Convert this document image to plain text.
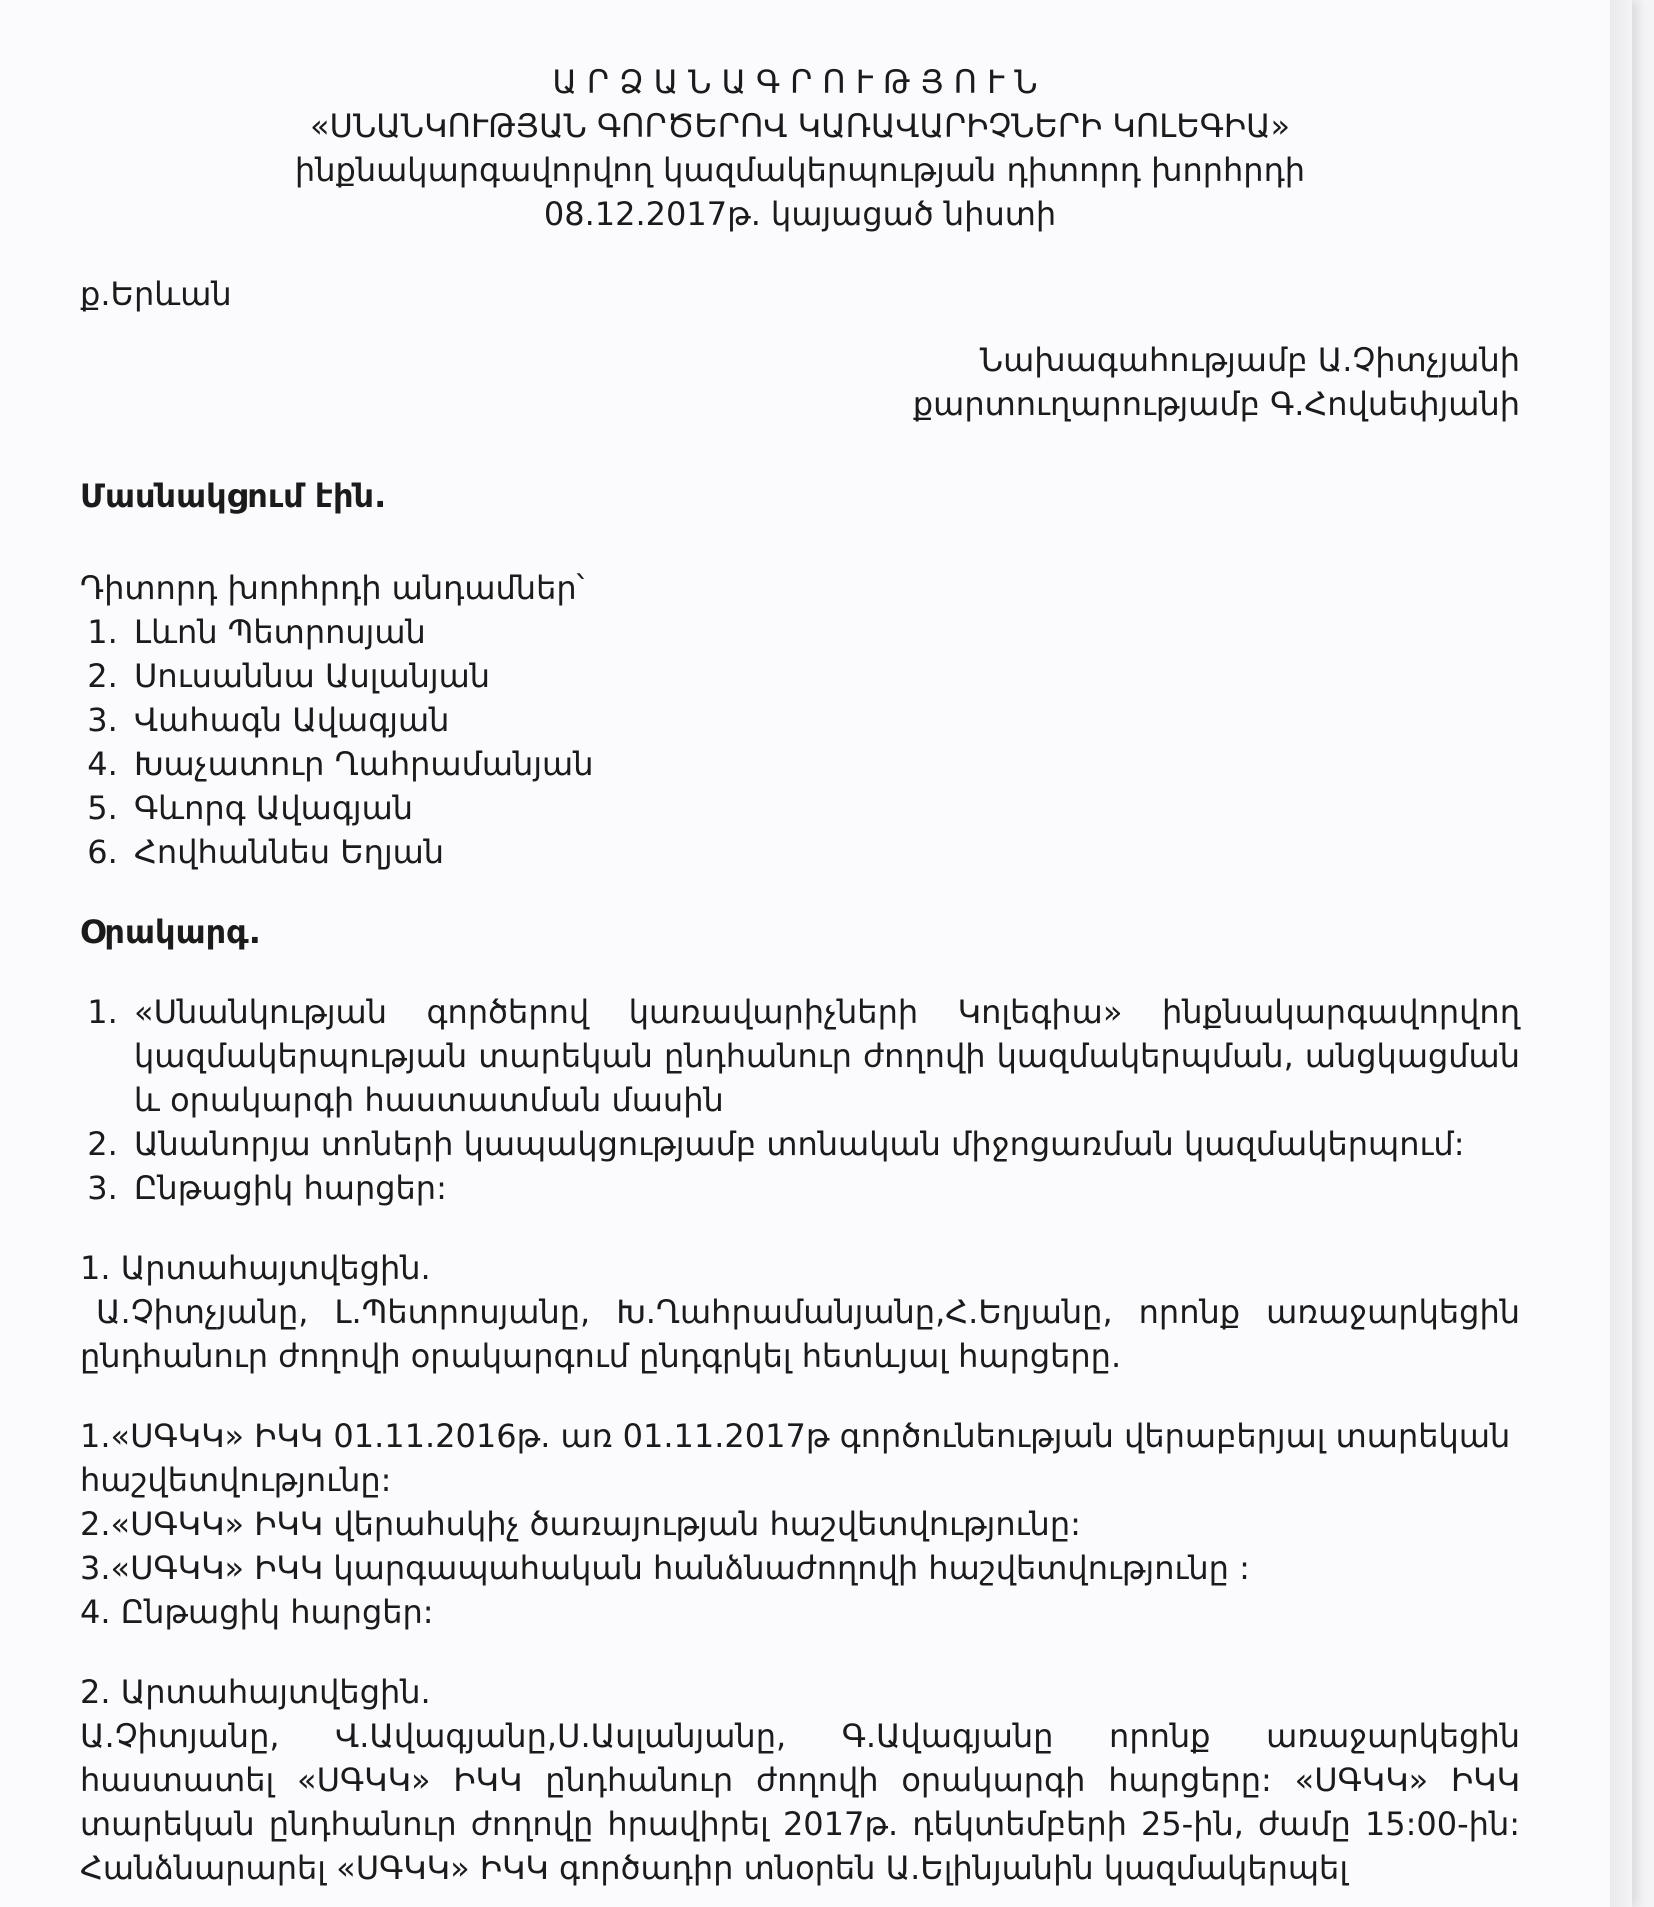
ԱՐՁԱՆԱԳՐՈՒԹՅՈՒՆ

«ՍՆԱՆԿՈՒԹՅԱՆ ԳՈՐԾԵՐՈՎ ԿԱՌԱՎԱՐԻՉՆԵՐԻ ԿՈԼԵԳԻԱ»

ինքնակարգավորվող կազմակերպության դիտորդ խորհրդի

08.12.2017թ. կայացած նիստի

ք.Երևան

Նախագահությամբ Ա.Չիտչյանի

քարտուղարությամբ Գ.Հովսեփյանի

Մասնակցում էին.

Դիտորդ խորհրդի անդամներ՝

1. Լևոն Պետրոսյան
2. Սուսաննա Ասլանյան
3. Վահագն Ավագյան
4. Խաչատուր Ղահրամանյան
5. Գևորգ Ավագյան
6. Հովհաննես Եղյան

Օրակարգ.

1. «Սնանկության գործերով կառավարիչների Կոլեգիա» ինքնակարգավորվող կազմակերպության տարեկան ընդհանուր ժողովի կազմակերպման, անցկացման և օրակարգի հաստատման մասին
2. Անանորյա տոների կապակցությամբ տոնական միջոցառման կազմակերպում:
3. Ընթացիկ հարցեր:

1. Արտահայտվեցին.

Ա.Չիտչյանը, Լ.Պետրոսյանը, Խ.Ղահրամանյանը,Հ.Եղյանը, որոնք առաջարկեցին ընդհանուր ժողովի օրակարգում ընդգրկել հետևյալ հարցերը.

1.«ՍԳԿԿ» ԻԿԿ 01.11.2016թ. առ 01.11.2017թ գործունեության վերաբերյալ տարեկան հաշվետվությունը:

2.«ՍԳԿԿ» ԻԿԿ վերահսկիչ ծառայության հաշվետվությունը:

3.«ՍԳԿԿ» ԻԿԿ կարգապահական հանձնաժողովի հաշվետվությունը :

4. Ընթացիկ հարցեր:

2. Արտահայտվեցին.

Ա.Չիտյանը, Վ.Ավագյանը,Ս.Ասլանյանը, Գ.Ավագյանը որոնք առաջարկեցին հաստատել «ՍԳԿԿ» ԻԿԿ ընդհանուր ժողովի օրակարգի հարցերը: «ՍԳԿԿ» ԻԿԿ տարեկան ընդհանուր ժողովը հրավիրել 2017թ. դեկտեմբերի 25-ին, ժամը 15:00-ին: Հանձնարարել «ՍԳԿԿ» ԻԿԿ գործադիր տնօրեն Ա.Ելինյանին կազմակերպել
